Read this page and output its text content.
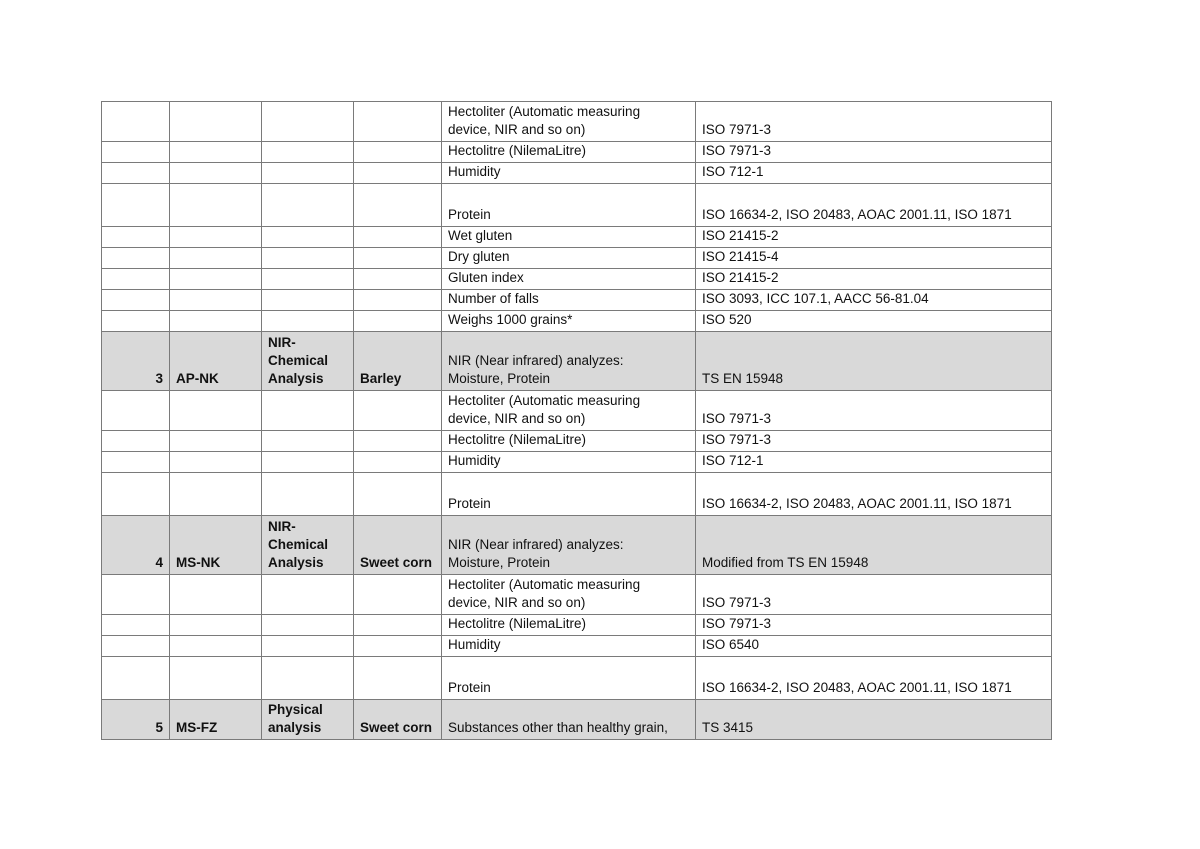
				Hectoliter (Automatic measuring
device, NIR and so on)	ISO 7971-3

				Hectolitre (NilemaLitre)	ISO 7971-3

				Humidity	ISO 712-1

				Protein	ISO 16634-2, ISO 20483, AOAC 2001.11, ISO 1871

				Wet gluten	ISO 21415-2

				Dry gluten	ISO 21415-4

				Gluten index	ISO 21415-2

				Number of falls	ISO 3093, ICC 107.1, AACC 56-81.04

				Weighs 1000 grains*	ISO 520
3	AP-NK	NIR-
Chemical
Analysis	Barley	NIR (Near infrared) analyzes:
Moisture, Protein	TS EN 15948

				Hectoliter (Automatic measuring
device, NIR and so on)	ISO 7971-3

				Hectolitre (NilemaLitre)	ISO 7971-3

				Humidity	ISO 712-1

				Protein	ISO 16634-2, ISO 20483, AOAC 2001.11, ISO 1871
4	MS-NK	NIR-
Chemical
Analysis	Sweet corn	NIR (Near infrared) analyzes:
Moisture, Protein	Modified from TS EN 15948

				Hectoliter (Automatic measuring
device, NIR and so on)	ISO 7971-3

				Hectolitre (NilemaLitre)	ISO 7971-3

				Humidity	ISO 6540

				Protein	ISO 16634-2, ISO 20483, AOAC 2001.11, ISO 1871
5	MS-FZ	Physical
analysis	Sweet corn	Substances other than healthy grain,	TS 3415
